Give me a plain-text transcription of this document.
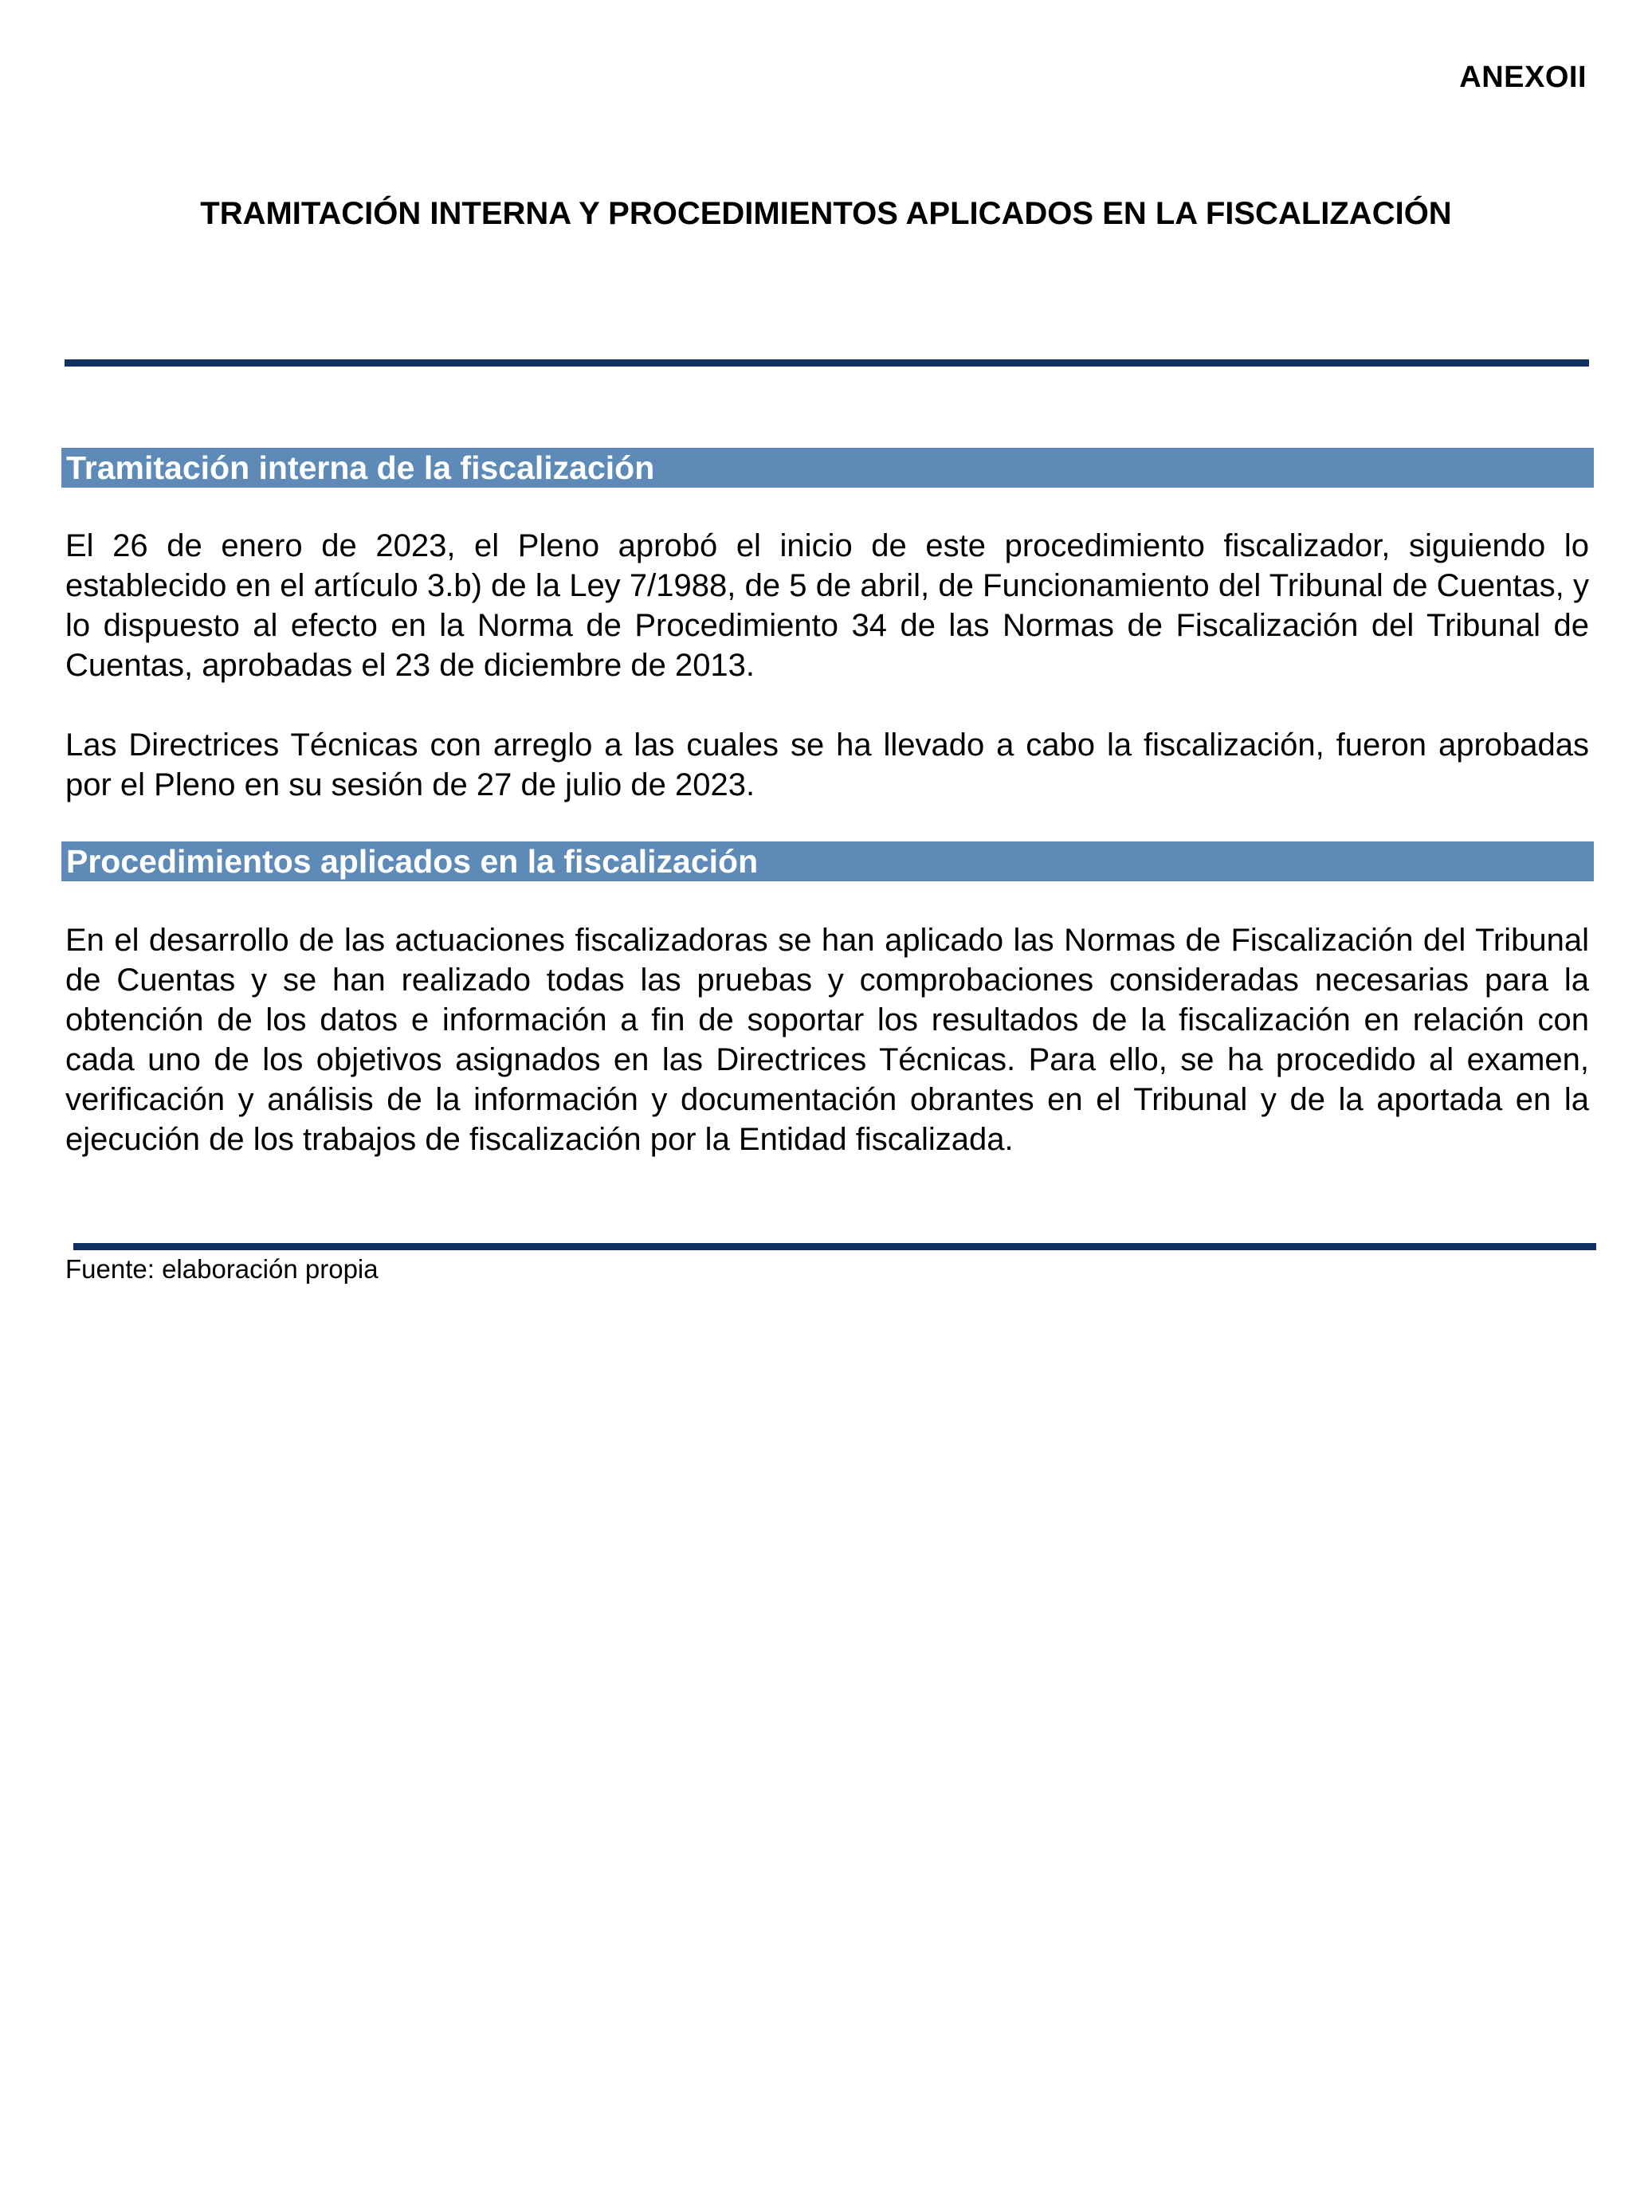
ANEXOII
TRAMITACIÓN INTERNA Y PROCEDIMIENTOS APLICADOS EN LA FISCALIZACIÓN
Tramitación interna de la fiscalización

El 26 de enero de 2023, el Pleno aprobó el inicio de este procedimiento fiscalizador, siguiendo lo establecido en el artículo 3.b) de la Ley 7/1988, de 5 de abril, de Funcionamiento del Tribunal de Cuentas, y lo dispuesto al efecto en la Norma de Procedimiento 34 de las Normas de Fiscalización del Tribunal de Cuentas, aprobadas el 23 de diciembre de 2013.

Las Directrices Técnicas con arreglo a las cuales se ha llevado a cabo la fiscalización, fueron aprobadas por el Pleno en su sesión de 27 de julio de 2023.

Procedimientos aplicados en la fiscalización

En el desarrollo de las actuaciones fiscalizadoras se han aplicado las Normas de Fiscalización del Tribunal de Cuentas y se han realizado todas las pruebas y comprobaciones consideradas necesarias para la obtención de los datos e información a fin de soportar los resultados de la fiscalización en relación con cada uno de los objetivos asignados en las Directrices Técnicas. Para ello, se ha procedido al examen, verificación y análisis de la información y documentación obrantes en el Tribunal y de la aportada en la ejecución de los trabajos de fiscalización por la Entidad fiscalizada.

Fuente: elaboración propia
